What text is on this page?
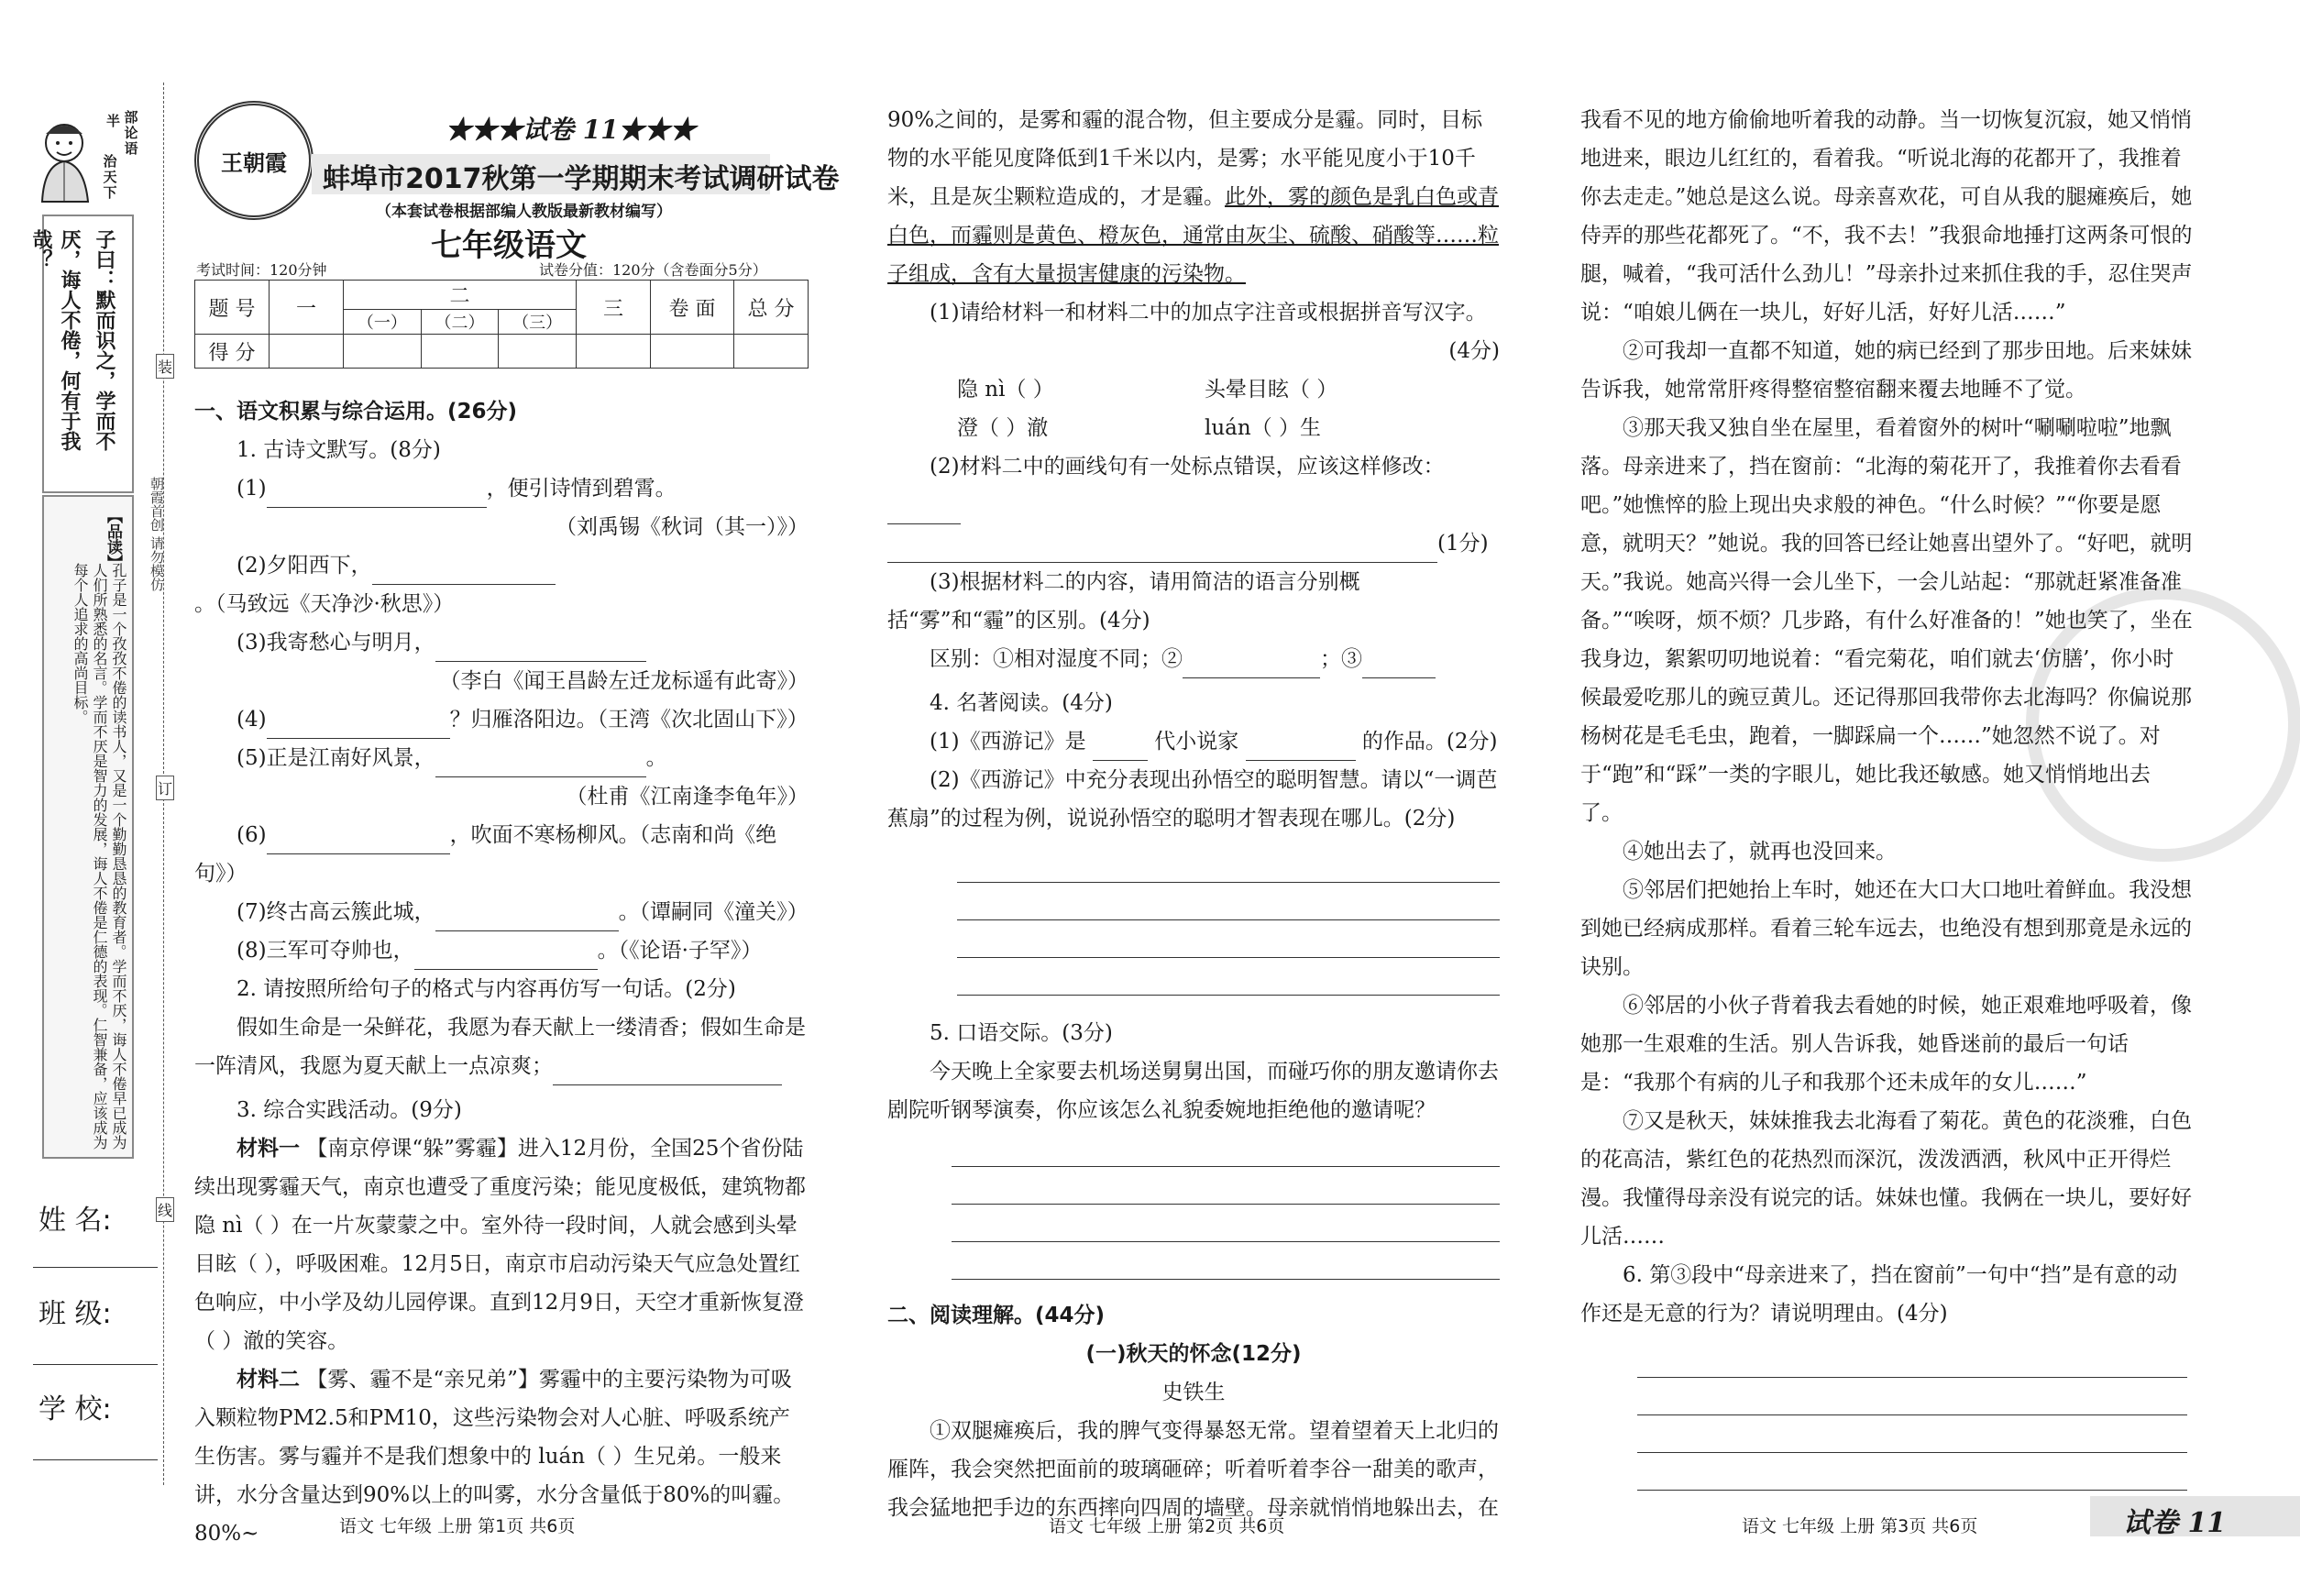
半 部
论
语
治
天
下
子曰：默而识之，学而不
厌，诲人不倦，何有于我哉？
【品读】
孔子是一个孜孜不倦的读书人，又是一个勤勤恳恳的教育者。学而不厌，诲人不倦早已成为人们所熟悉的名言。学而不厌是智力的发展，诲人不倦是仁德的表现。仁智兼备，应该成为每个人追求的高尚目标。
装
订
线
朝霞首创 请勿模仿
姓 名:
班 级:
学 校:
★★★试卷 11★★★
王朝霞
蚌埠市2017秋第一学期期末考试调研试卷
（本套试卷根据部编人教版最新教材编写）
七年级语文
考试时间：120分钟	试卷分值：120分（含卷面分5分）
题 号	一	二			三	卷 面	总 分
		（一）	（二）	（三）			
得 分							

一、语文积累与综合运用。(26分)

1. 古诗文默写。(8分)

(1)	，便引诗情到碧霄。

（刘禹锡《秋词（其一）》）

(2)夕阳西下，。（马致远《天净沙·秋思》）

(3)我寄愁心与明月，

（李白《闻王昌龄左迁龙标遥有此寄》）

(4)	？归雁洛阳边。（王湾《次北固山下》）

(5)正是江南好风景，	。

（杜甫《江南逢李龟年》）

(6)	，吹面不寒杨柳风。（志南和尚《绝句》）

(7)终古高云簇此城，	。（谭嗣同《潼关》）

(8)三军可夺帅也，	。（《论语·子罕》）

2. 请按照所给句子的格式与内容再仿写一句话。(2分)

假如生命是一朵鲜花，我愿为春天献上一缕清香；假如生命是一阵清风，我愿为夏天献上一点凉爽；

3. 综合实践活动。(9分)

材料一 【南京停课“躲”雾霾】进入12月份，全国25个省份陆续出现雾霾天气，南京也遭受了重度污染；能见度极低，建筑物都隐 nì（ ）在一片灰蒙蒙之中。室外待一段时间，人就会感到头晕目眩（ ），呼吸困难。12月5日，南京市启动污染天气应急处置红色响应，中小学及幼儿园停课。直到12月9日，天空才重新恢复澄（ ）澈的笑容。

材料二 【雾、霾不是“亲兄弟”】雾霾中的主要污染物为可吸入颗粒物PM2.5和PM10，这些污染物会对人心脏、呼吸系统产生伤害。雾与霾并不是我们想象中的 luán（ ）生兄弟。一般来讲，水分含量达到90%以上的叫雾，水分含量低于80%的叫霾。80%~	语文 七年级 上册 第1页 共6页

90%之间的，是雾和霾的混合物，但主要成分是霾。同时，目标物的水平能见度降低到1千米以内，是雾；水平能见度小于10千米，且是灰尘颗粒造成的，才是霾。此外，雾的颜色是乳白色或青白色，而霾则是黄色、橙灰色，通常由灰尘、硫酸、硝酸等……粒子组成，含有大量损害健康的污染物。

(1)请给材料一和材料二中的加点字注音或根据拼音写汉字。

(4分)

隐 nì（ ）	头晕目眩（ ）

澄（ ）澈	luán（ ）生

(2)材料二中的画线句有一处标点错误，应该这样修改：

(1分)

(3)根据材料二的内容，请用简洁的语言分别概括“雾”和“霾”的区别。(4分)

区别：①相对湿度不同；②	；③

4. 名著阅读。(4分)

(1)《西游记》是	代小说家	的作品。(2分)

(2)《西游记》中充分表现出孙悟空的聪明智慧。请以“一调芭蕉扇”的过程为例，说说孙悟空的聪明才智表现在哪儿。(2分)

5. 口语交际。(3分)

今天晚上全家要去机场送舅舅出国，而碰巧你的朋友邀请你去剧院听钢琴演奏，你应该怎么礼貌委婉地拒绝他的邀请呢？

二、阅读理解。(44分)

(一)秋天的怀念(12分)

史铁生

①双腿瘫痪后，我的脾气变得暴怒无常。望着望着天上北归的雁阵，我会突然把面前的玻璃砸碎；听着听着李谷一甜美的歌声，我会猛地把手边的东西摔向四周的墙壁。母亲就悄悄地躲出去，在

语文 七年级 上册 第2页 共6页

我看不见的地方偷偷地听着我的动静。当一切恢复沉寂，她又悄悄地进来，眼边儿红红的，看着我。“听说北海的花都开了，我推着你去走走。”她总是这么说。母亲喜欢花，可自从我的腿瘫痪后，她侍弄的那些花都死了。“不，我不去！”我狠命地捶打这两条可恨的腿，喊着，“我可活什么劲儿！”母亲扑过来抓住我的手，忍住哭声说：“咱娘儿俩在一块儿，好好儿活，好好儿活……”

②可我却一直都不知道，她的病已经到了那步田地。后来妹妹告诉我，她常常肝疼得整宿整宿翻来覆去地睡不了觉。

③那天我又独自坐在屋里，看着窗外的树叶“唰唰啦啦”地飘落。母亲进来了，挡在窗前：“北海的菊花开了，我推着你去看看吧。”她憔悴的脸上现出央求般的神色。“什么时候？”“你要是愿意，就明天？”她说。我的回答已经让她喜出望外了。“好吧，就明天。”我说。她高兴得一会儿坐下，一会儿站起：“那就赶紧准备准备。”“唉呀，烦不烦？几步路，有什么好准备的！”她也笑了，坐在我身边，絮絮叨叨地说着：“看完菊花，咱们就去‘仿膳’，你小时候最爱吃那儿的豌豆黄儿。还记得那回我带你去北海吗？你偏说那杨树花是毛毛虫，跑着，一脚踩扁一个……”她忽然不说了。对于“跑”和“踩”一类的字眼儿，她比我还敏感。她又悄悄地出去了。

④她出去了，就再也没回来。

⑤邻居们把她抬上车时，她还在大口大口地吐着鲜血。我没想到她已经病成那样。看着三轮车远去，也绝没有想到那竟是永远的诀别。

⑥邻居的小伙子背着我去看她的时候，她正艰难地呼吸着，像她那一生艰难的生活。别人告诉我，她昏迷前的最后一句话是：“我那个有病的儿子和我那个还未成年的女儿……”

⑦又是秋天，妹妹推我去北海看了菊花。黄色的花淡雅，白色的花高洁，紫红色的花热烈而深沉，泼泼洒洒，秋风中正开得烂漫。我懂得母亲没有说完的话。妹妹也懂。我俩在一块儿，要好好儿活……

6. 第③段中“母亲进来了，挡在窗前”一句中“挡”是有意的动作还是无意的行为？请说明理由。(4分)

语文 七年级 上册 第3页 共6页	试卷 11
